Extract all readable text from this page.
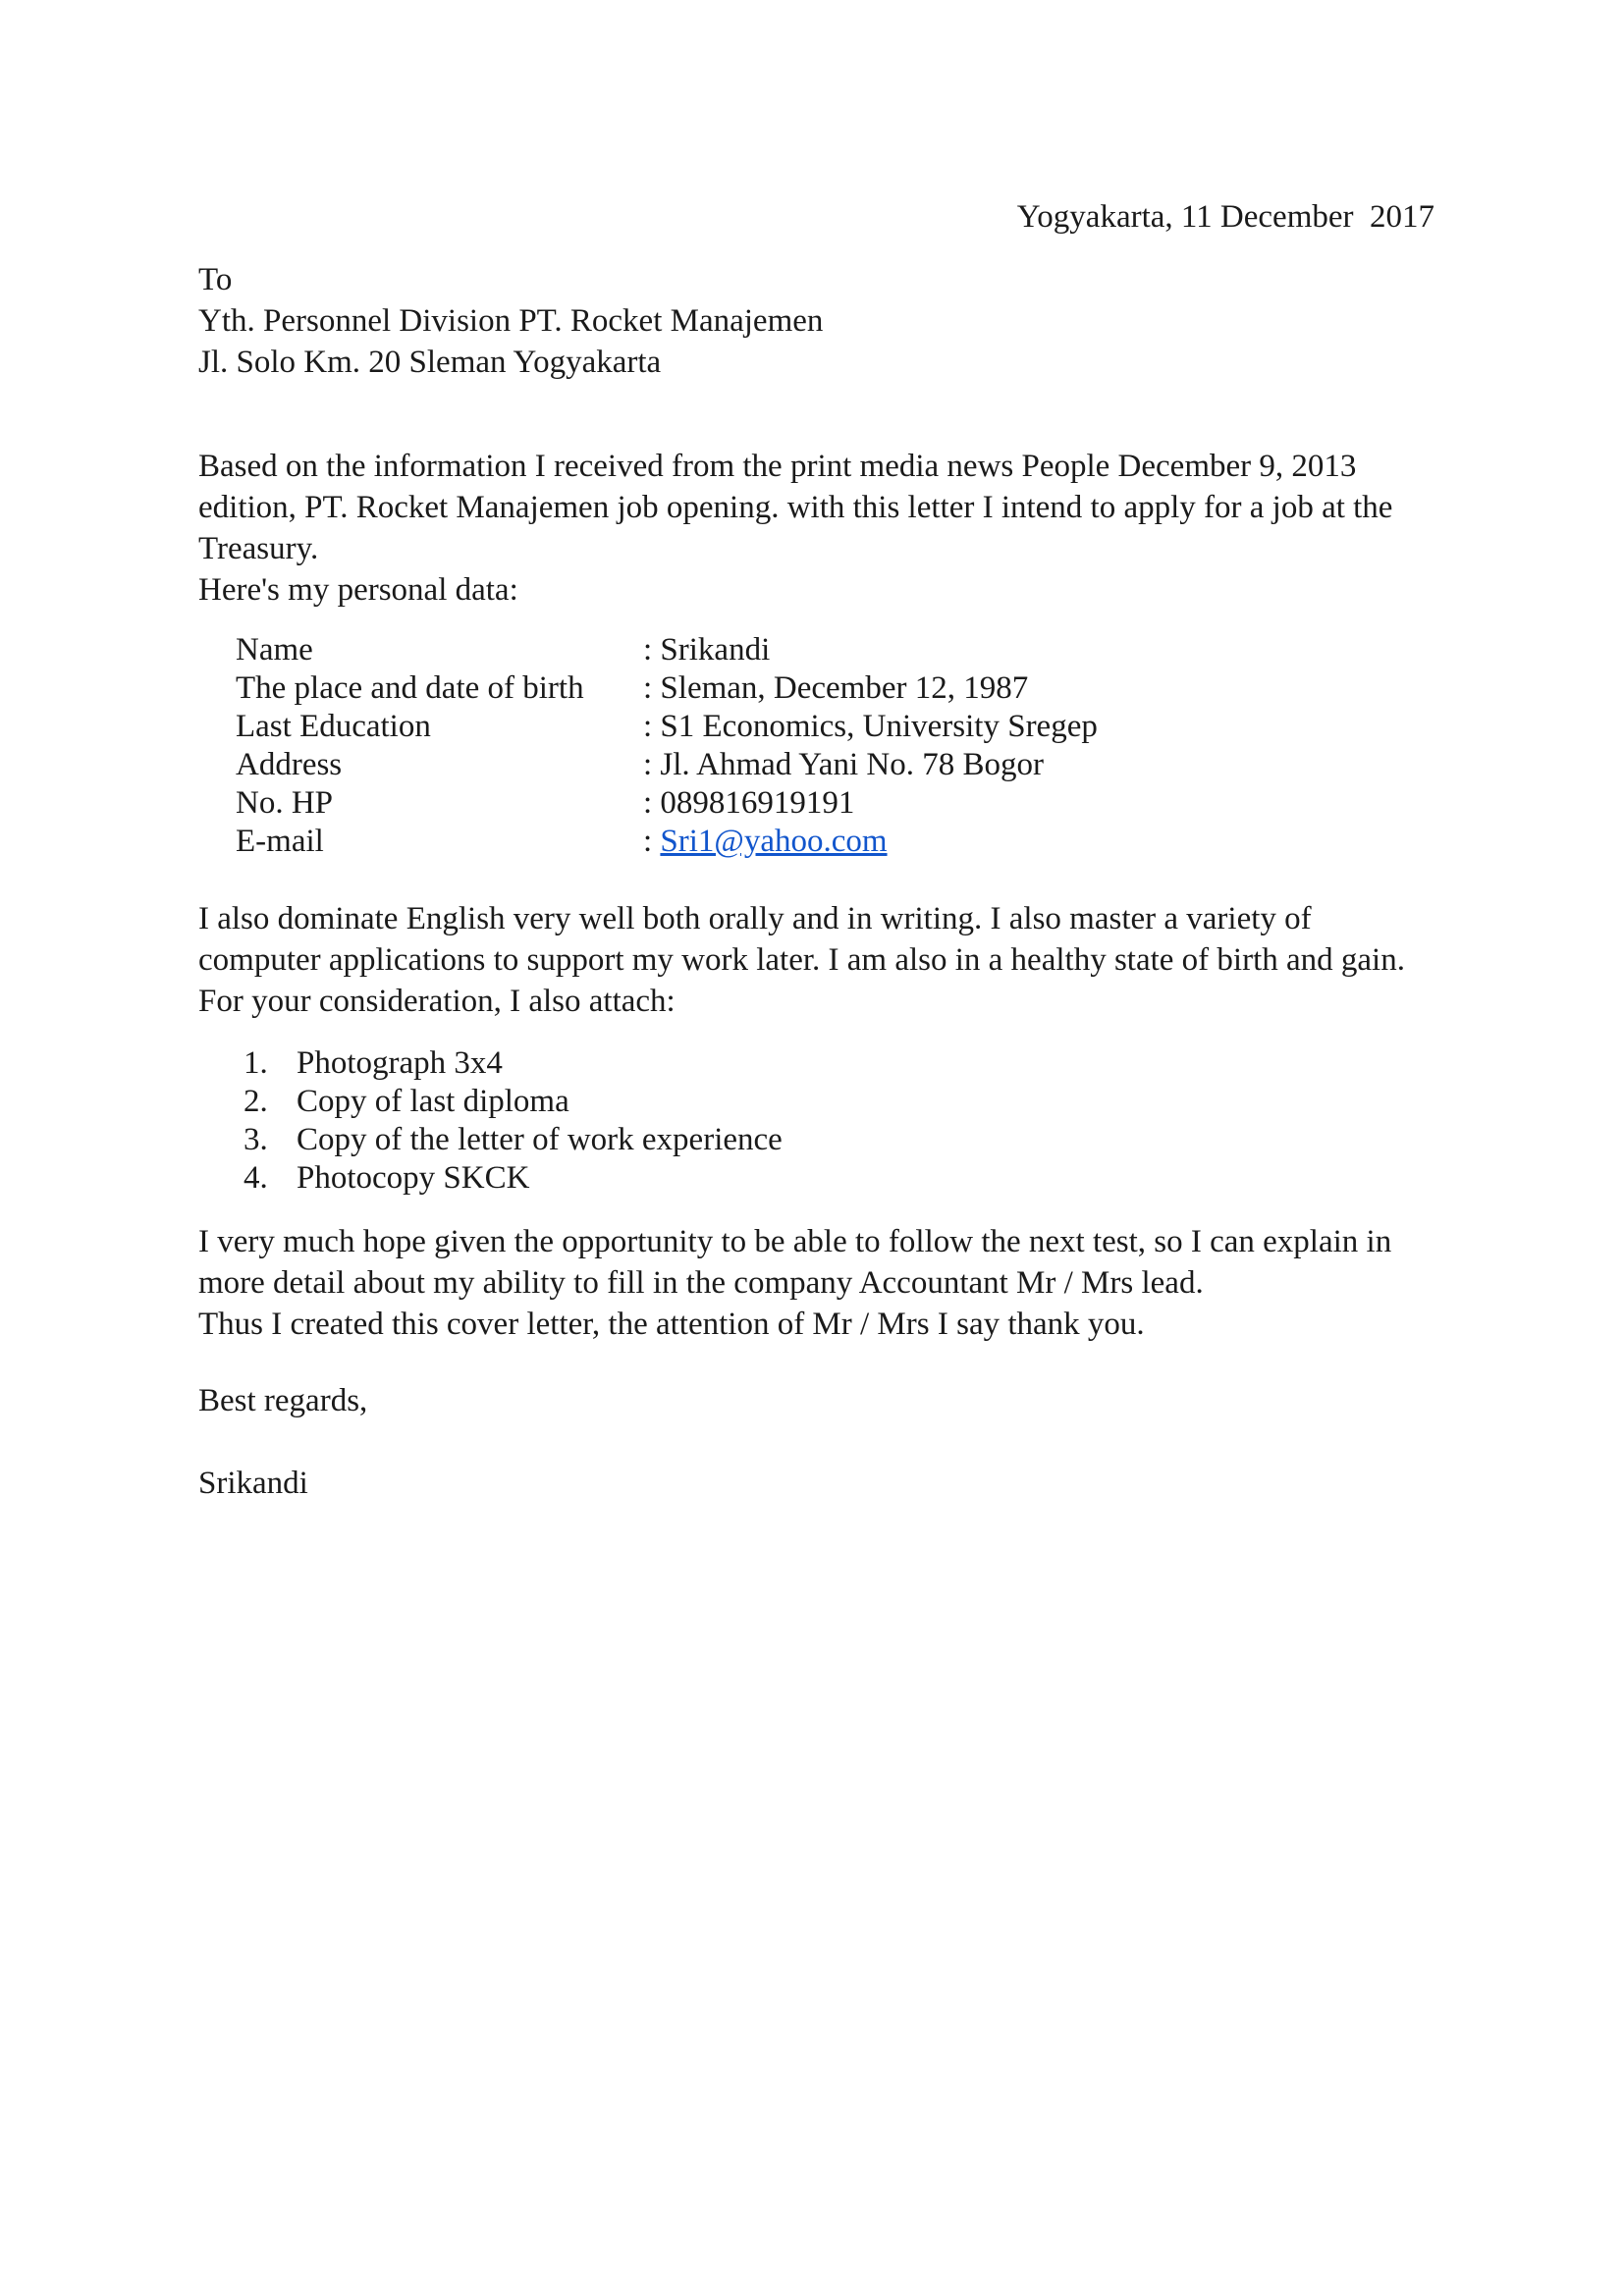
Yogyakarta, 11 December  2017
To
Yth. Personnel Division PT. Rocket Manajemen
Jl. Solo Km. 20 Sleman Yogyakarta

Based on the information I received from the print media news People December 9, 2013 edition, PT. Rocket Manajemen job opening. with this letter I intend to apply for a job at the Treasury.

Here's my personal data:

Name	: Srikandi
The place and date of birth	: Sleman, December 12, 1987
Last Education	: S1 Economics, University Sregep
Address	: Jl. Ahmad Yani No. 78 Bogor
No. HP	: 089816919191
E-mail	: Sri1@yahoo.com
I also dominate English very well both orally and in writing. I also master a variety of computer applications to support my work later. I am also in a healthy state of birth and gain. For your consideration, I also attach:
1. Photograph 3x4
2. Copy of last diploma
3. Copy of the letter of work experience
4. Photocopy SKCK
I very much hope given the opportunity to be able to follow the next test, so I can explain in more detail about my ability to fill in the company Accountant Mr / Mrs lead.
Thus I created this cover letter, the attention of Mr / Mrs I say thank you.
Best regards,
Srikandi
